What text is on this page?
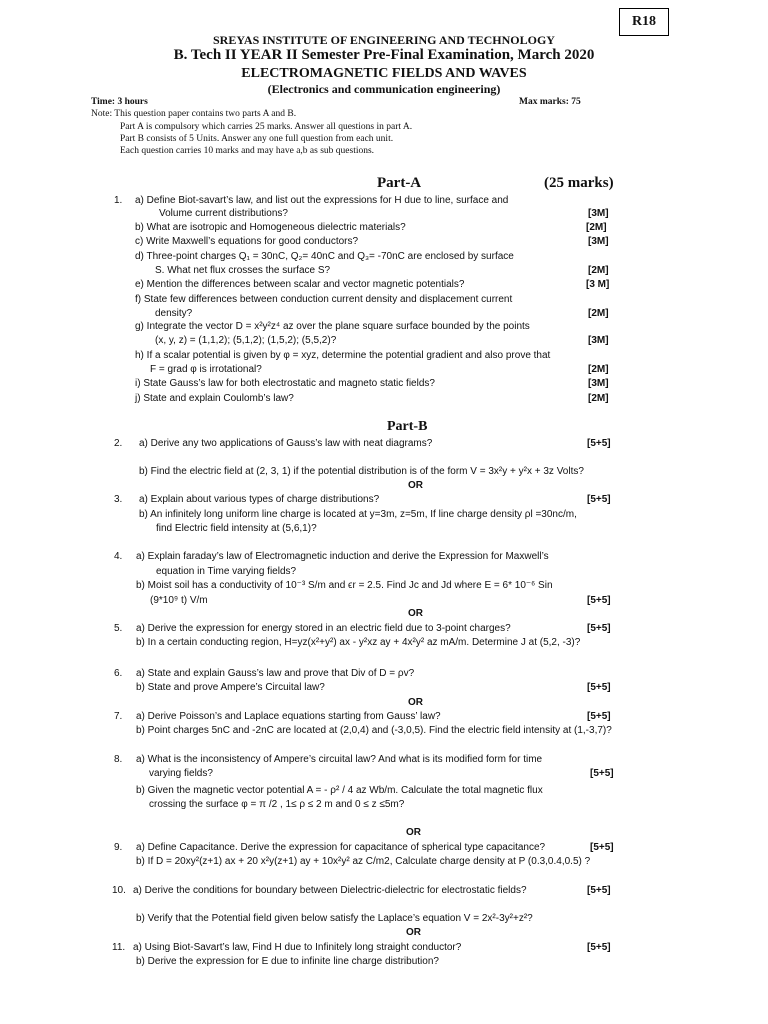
R18
SREYAS INSTITUTE OF ENGINEERING AND TECHNOLOGY
B. Tech II YEAR II Semester Pre-Final Examination, March 2020
ELECTROMAGNETIC FIELDS AND WAVES
(Electronics and communication engineering)
Time: 3 hours	Max marks: 75
Note: This question paper contains two parts A and B.
Part A is compulsory which carries 25 marks. Answer all questions in part A.
Part B consists of 5 Units. Answer any one full question from each unit.
Each question carries 10 marks and may have a,b as sub questions.
Part-A	(25 marks)
1. a) Define Biot-savart’s law, and list out the expressions for H due to line, surface and
Volume current distributions?	[3M]
b) What are isotropic and Homogeneous dielectric materials?	[2M]
c) Write Maxwell’s equations for good conductors?	[3M]
d) Three-point charges Q₁ = 30nC, Q₂= 40nC and Q₃= -70nC are enclosed by surface
S. What net flux crosses the surface S?	[2M]
e) Mention the differences between scalar and vector magnetic potentials?	[3 M]
f) State few differences between conduction current density and displacement current
density?	[2M]
g) Integrate the vector D = x²y²z⁴ az over the plane square surface bounded by the points
(x, y, z) = (1,1,2); (5,1,2); (1,5,2); (5,5,2)?	[3M]
h) If a scalar potential is given by φ = xyz, determine the potential gradient and also prove that
F = grad φ is irrotational?	[2M]
i) State Gauss’s law for both electrostatic and magneto static fields?	[3M]
j) State and explain Coulomb’s law?	[2M]
Part-B
2. a) Derive any two applications of Gauss’s law with neat diagrams?	[5+5]
b) Find the electric field at (2, 3, 1) if the potential distribution is of the form V = 3x²y + y²x + 3z Volts?
OR
3. a) Explain about various types of charge distributions?	[5+5]
b) An infinitely long uniform line charge is located at y=3m, z=5m, If line charge density ρl =30nc/m,
find Electric field intensity at (5,6,1)?
4. a) Explain faraday’s law of Electromagnetic induction and derive the Expression for Maxwell’s
equation in Time varying fields?
b) Moist soil has a conductivity of 10⁻³ S/m and ϵr = 2.5. Find Jc and Jd where E = 6* 10⁻⁶ Sin
(9*10⁹ t) V/m	[5+5]
OR
5. a) Derive the expression for energy stored in an electric field due to 3-point charges?	[5+5]
b) In a certain conducting region, H=yz(x²+y²) ax - y²xz ay + 4x²y² az mA/m. Determine J at (5,2, -3)?
6. a) State and explain Gauss’s law and prove that Div of D = ρv?
b) State and prove Ampere’s Circuital law?	[5+5]
OR
7. a) Derive Poisson’s and Laplace equations starting from Gauss’ law?	[5+5]
b) Point charges 5nC and -2nC are located at (2,0,4) and (-3,0,5). Find the electric field intensity at (1,-3,7)?
8. a) What is the inconsistency of Ampere’s circuital law? And what is its modified form for time
varying fields?	[5+5]
b) Given the magnetic vector potential A = - ρ² / 4 az Wb/m. Calculate the total magnetic flux
crossing the surface φ = π /2 , 1≤ ρ ≤ 2 m and 0 ≤ z ≤5m?
OR
9. a) Define Capacitance. Derive the expression for capacitance of spherical type capacitance?	[5+5]
b) If D = 20xy²(z+1) ax + 20 x²y(z+1) ay + 10x²y² az C/m2, Calculate charge density at P (0.3,0.4,0.5) ?
10. a) Derive the conditions for boundary between Dielectric-dielectric for electrostatic fields?	[5+5]
b) Verify that the Potential field given below satisfy the Laplace’s equation V = 2x²-3y²+z²?
OR
11. a) Using Biot-Savart’s law, Find H due to Infinitely long straight conductor?	[5+5]
b) Derive the expression for E due to infinite line charge distribution?
